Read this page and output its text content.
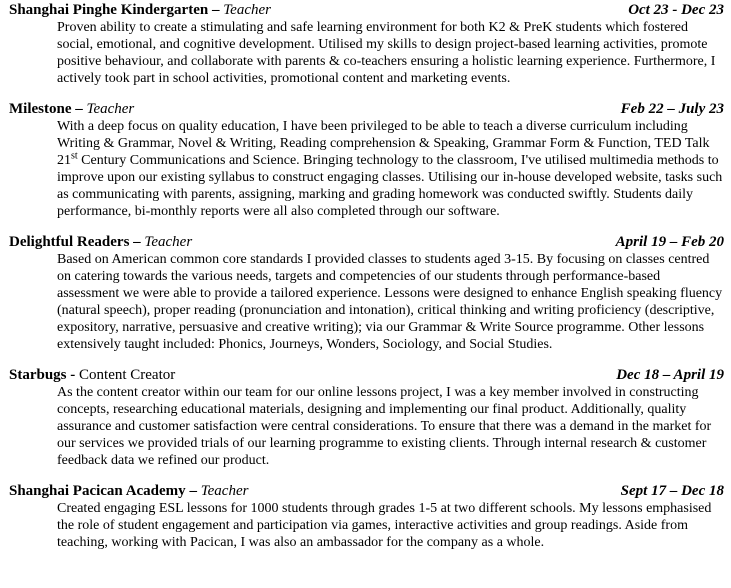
Shanghai Pinghe Kindergarten – Teacher	Oct 23 - Dec 23

Proven ability to create a stimulating and safe learning environment for both K2 & PreK students which fostered social, emotional, and cognitive development. Utilised my skills to design project-based learning activities, promote positive behaviour, and collaborate with parents & co-teachers ensuring a holistic learning experience. Furthermore, I actively took part in school activities, promotional content and marketing events.

Milestone – Teacher	Feb 22 – July 23

With a deep focus on quality education, I have been privileged to be able to teach a diverse curriculum including Writing & Grammar, Novel & Writing, Reading comprehension & Speaking, Grammar Form & Function, TED Talk 21st Century Communications and Science. Bringing technology to the classroom, I've utilised multimedia methods to improve upon our existing syllabus to construct engaging classes. Utilising our in-house developed website, tasks such as communicating with parents, assigning, marking and grading homework was conducted swiftly. Students daily performance, bi-monthly reports were all also completed through our software.

Delightful Readers – Teacher	April 19 – Feb 20

Based on American common core standards I provided classes to students aged 3-15. By focusing on classes centred on catering towards the various needs, targets and competencies of our students through performance-based assessment we were able to provide a tailored experience. Lessons were designed to enhance English speaking fluency (natural speech), proper reading (pronunciation and intonation), critical thinking and writing proficiency (descriptive, expository, narrative, persuasive and creative writing); via our Grammar & Write Source programme. Other lessons extensively taught included: Phonics, Journeys, Wonders, Sociology, and Social Studies.

Starbugs - Content Creator	Dec 18 – April 19

As the content creator within our team for our online lessons project, I was a key member involved in constructing concepts, researching educational materials, designing and implementing our final product. Additionally, quality assurance and customer satisfaction were central considerations. To ensure that there was a demand in the market for our services we provided trials of our learning programme to existing clients. Through internal research & customer feedback data we refined our product.

Shanghai Pacican Academy – Teacher	Sept 17 – Dec 18

Created engaging ESL lessons for 1000 students through grades 1-5 at two different schools. My lessons emphasised the role of student engagement and participation via games, interactive activities and group readings. Aside from teaching, working with Pacican, I was also an ambassador for the company as a whole.
